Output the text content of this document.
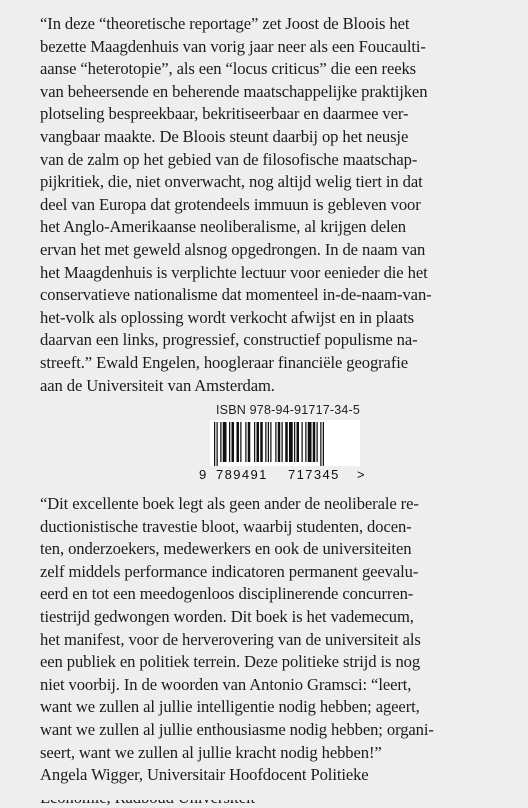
“In deze “theoretische reportage” zet Joost de Bloois het
bezette Maagdenhuis van vorig jaar neer als een Foucaulti-
aanse “heterotopie”, als een “locus criticus” die een reeks
van beheersende en beherende maatschappelijke praktijken
plotseling bespreekbaar, bekritiseerbaar en daarmee ver-
vangbaar maakte. De Bloois steunt daarbij op het neusje
van de zalm op het gebied van de filosofische maatschap-
pijkritiek, die, niet onverwacht, nog altijd welig tiert in dat
deel van Europa dat grotendeels immuun is gebleven voor
het Anglo-Amerikaanse neoliberalisme, al krijgen delen
ervan het met geweld alsnog opgedrongen. In de naam van
het Maagdenhuis is verplichte lectuur voor eenieder die het
conservatieve nationalisme dat momenteel in-de-naam-van-
het-volk als oplossing wordt verkocht afwijst en in plaats
daarvan een links, progressief, constructief populisme na-
streeft.” Ewald Engelen, hoogleraar financiële geografie
aan de Universiteit van Amsterdam.
ISBN 978-94-91717-34-5
9 789491 717345 >
“Dit excellente boek legt als geen ander de neoliberale re-
ductionistische travestie bloot, waarbij studenten, docen-
ten, onderzoekers, medewerkers en ook de universiteiten
zelf middels performance indicatoren permanent geevalu-
eerd en tot een meedogenloos disciplinerende concurren-
tiestrijd gedwongen worden. Dit boek is het vademecum,
het manifest, voor de herverovering van de universiteit als
een publiek en politiek terrein. Deze politieke strijd is nog
niet voorbij. In de woorden van Antonio Gramsci: “leert,
want we zullen al jullie intelligentie nodig hebben; ageert,
want we zullen al jullie enthousiasme nodig hebben; organi-
seert, want we zullen al jullie kracht nodig hebben!”
Angela Wigger, Universitair Hoofdocent Politieke
